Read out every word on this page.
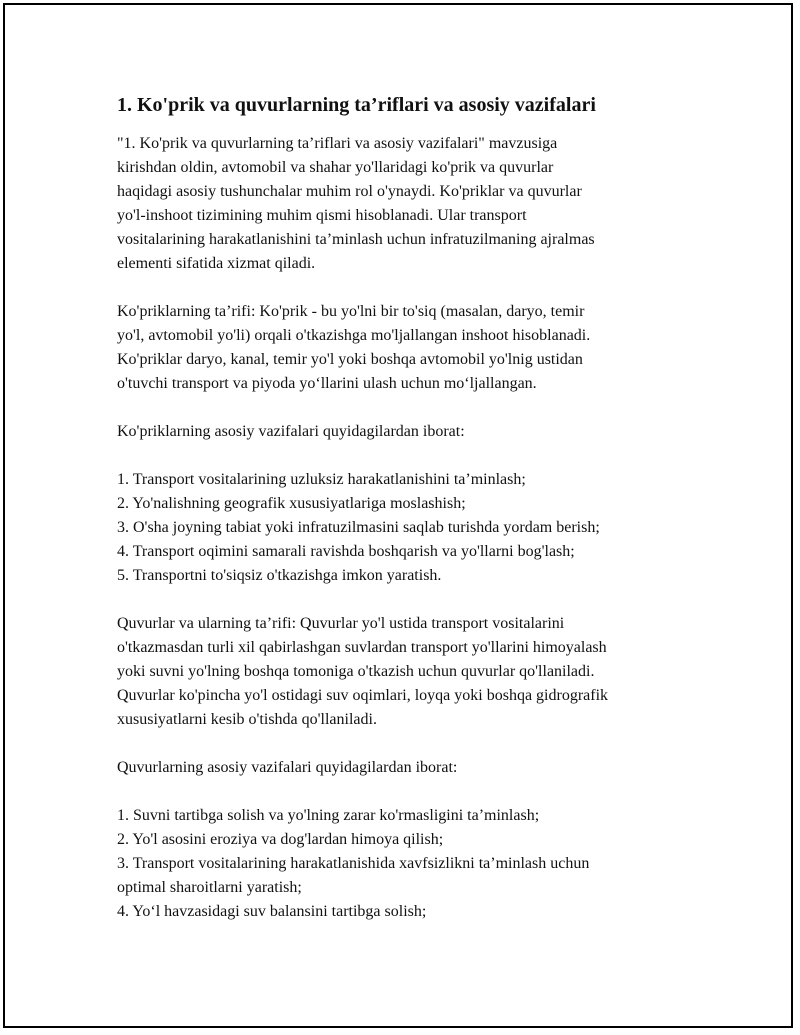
1. Ko'prik va quvurlarning ta’riflari va asosiy vazifalari

"1. Ko'prik va quvurlarning ta’riflari va asosiy vazifalari" mavzusiga
kirishdan oldin, avtomobil va shahar yo'llaridagi ko'prik va quvurlar
haqidagi asosiy tushunchalar muhim rol o'ynaydi. Ko'priklar va quvurlar
yo'l-inshoot tizimining muhim qismi hisoblanadi. Ular transport
vositalarining harakatlanishini ta’minlash uchun infratuzilmaning ajralmas
elementi sifatida xizmat qiladi.

Ko'priklarning ta’rifi: Ko'prik - bu yo'lni bir to'siq (masalan, daryo, temir
yo'l, avtomobil yo'li) orqali o'tkazishga mo'ljallangan inshoot hisoblanadi.
Ko'priklar daryo, kanal, temir yo'l yoki boshqa avtomobil yo'lnig ustidan
o'tuvchi transport va piyoda yo‘llarini ulash uchun mo‘ljallangan.

Ko'priklarning asosiy vazifalari quyidagilardan iborat:

1. Transport vositalarining uzluksiz harakatlanishini ta’minlash;
2. Yo'nalishning geografik xususiyatlariga moslashish;
3. O'sha joyning tabiat yoki infratuzilmasini saqlab turishda yordam berish;
4. Transport oqimini samarali ravishda boshqarish va yo'llarni bog'lash;
5. Transportni to'siqsiz o'tkazishga imkon yaratish.

Quvurlar va ularning ta’rifi: Quvurlar yo'l ustida transport vositalarini
o'tkazmasdan turli xil qabirlashgan suvlardan transport yo'llarini himoyalash
yoki suvni yo'lning boshqa tomoniga o'tkazish uchun quvurlar qo'llaniladi.
Quvurlar ko'pincha yo'l ostidagi suv oqimlari, loyqa yoki boshqa gidrografik
xususiyatlarni kesib o'tishda qo'llaniladi.

Quvurlarning asosiy vazifalari quyidagilardan iborat:

1. Suvni tartibga solish va yo'lning zarar ko'rmasligini ta’minlash;
2. Yo'l asosini eroziya va dog'lardan himoya qilish;
3. Transport vositalarining harakatlanishida xavfsizlikni ta’minlash uchun
optimal sharoitlarni yaratish;
4. Yo‘l havzasidagi suv balansini tartibga solish;
